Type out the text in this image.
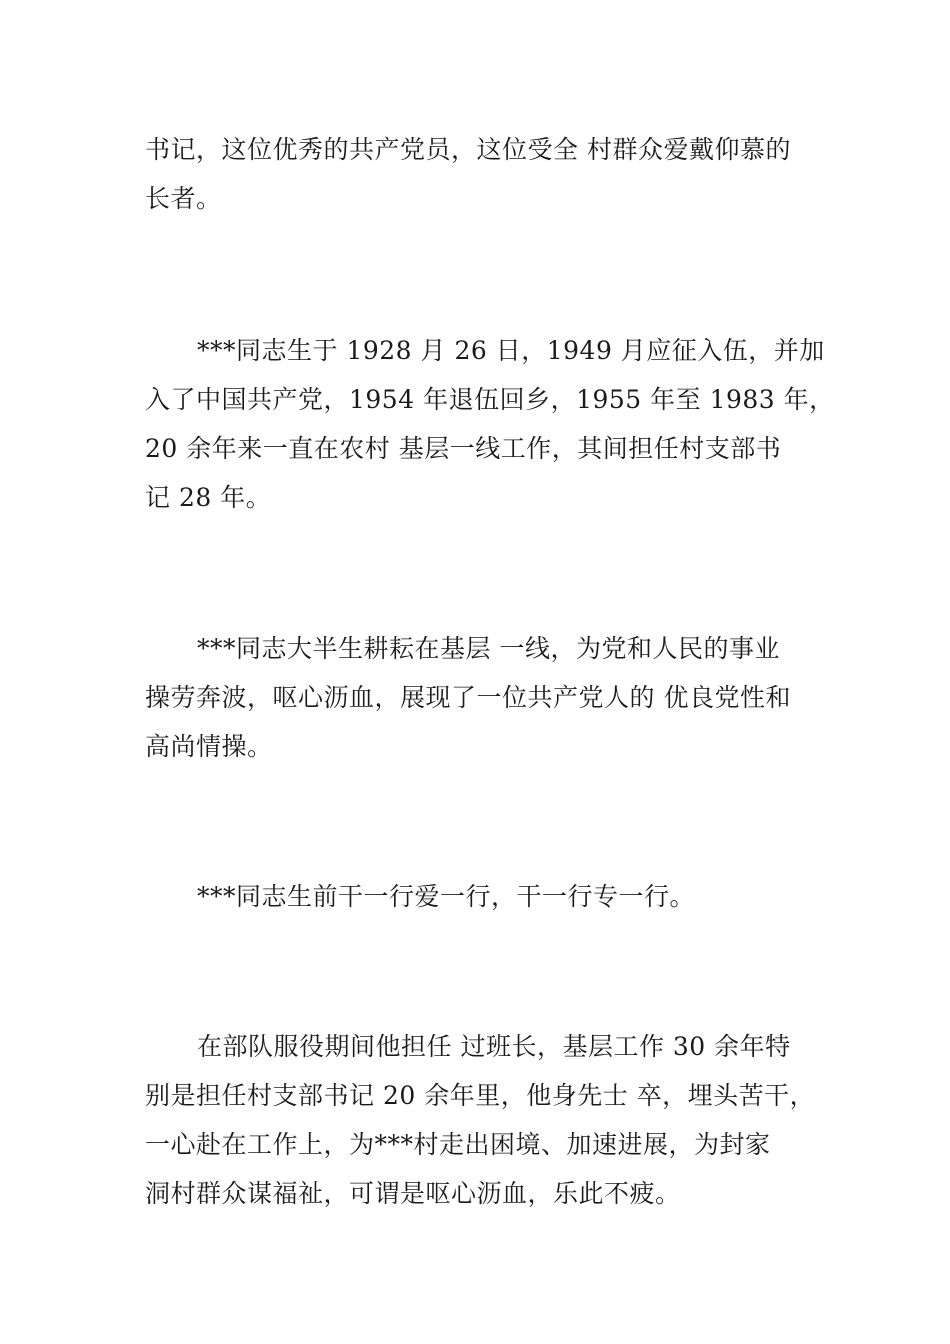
书记，这位优秀的共产党员，这位受全 村群众爱戴仰慕的
长者。
***同志生于 1928 月 26 日，1949 月应征入伍，并加
入了中国共产党，1954 年退伍回乡，1955 年至 1983 年，
20 余年来一直在农村 基层一线工作，其间担任村支部书
记 28 年。
***同志大半生耕耘在基层 一线，为党和人民的事业
操劳奔波，呕心沥血，展现了一位共产党人的 优良党性和
高尚情操。
***同志生前干一行爱一行，干一行专一行。
在部队服役期间他担任 过班长，基层工作 30 余年特
别是担任村支部书记 20 余年里，他身先士 卒，埋头苦干，
一心赴在工作上，为***村走出困境、加速进展，为封家
洞村群众谋福祉，可谓是呕心沥血，乐此不疲。
